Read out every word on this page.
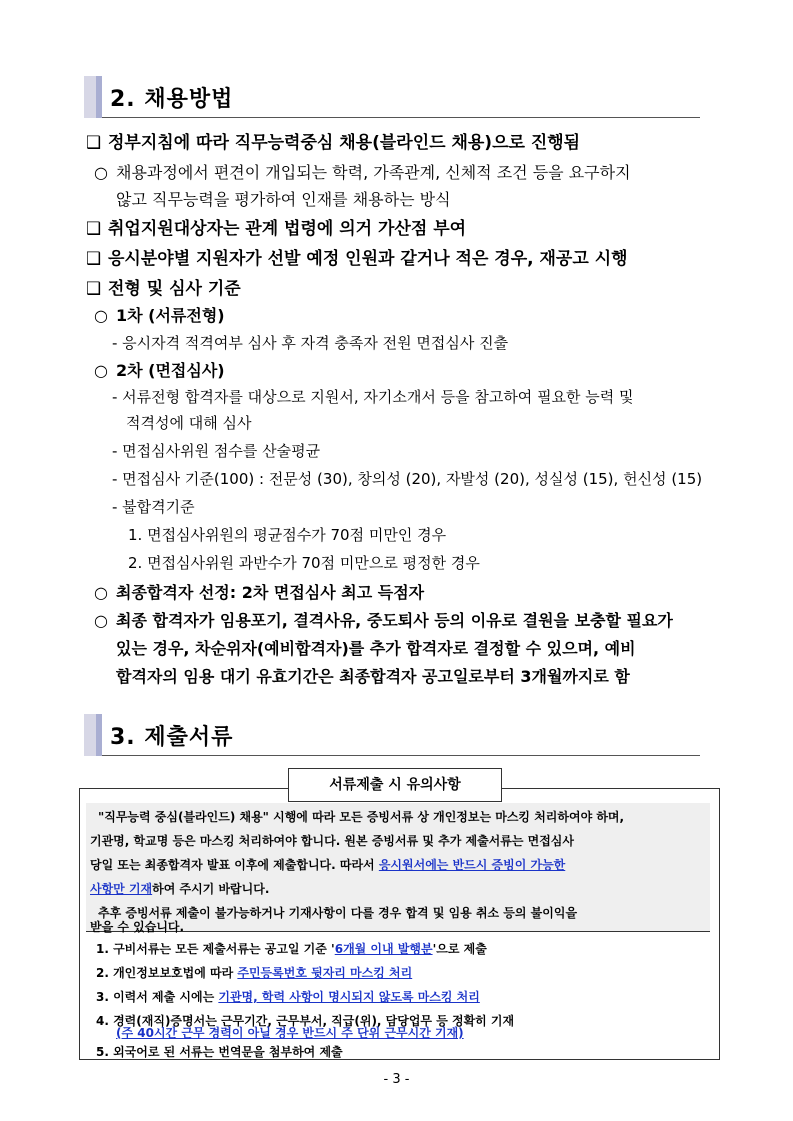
2. 채용방법
❑ 정부지침에 따라 직무능력중심 채용(블라인드 채용)으로 진행됨
○ 채용과정에서 편견이 개입되는 학력, 가족관계, 신체적 조건 등을 요구하지
않고 직무능력을 평가하여 인재를 채용하는 방식
❑ 취업지원대상자는 관계 법령에 의거 가산점 부여
❑ 응시분야별 지원자가 선발 예정 인원과 같거나 적은 경우, 재공고 시행
❑ 전형 및 심사 기준
○ 1차 (서류전형)
- 응시자격 적격여부 심사 후 자격 충족자 전원 면접심사 진출
○ 2차 (면접심사)
- 서류전형 합격자를 대상으로 지원서, 자기소개서 등을 참고하여 필요한 능력 및
적격성에 대해 심사
- 면접심사위원 점수를 산술평균
- 면접심사 기준(100) : 전문성 (30), 창의성 (20), 자발성 (20), 성실성 (15), 헌신성 (15)
- 불합격기준
1. 면접심사위원의 평균점수가 70점 미만인 경우
2. 면접심사위원 과반수가 70점 미만으로 평정한 경우
○ 최종합격자 선정: 2차 면접심사 최고 득점자
○ 최종 합격자가 임용포기, 결격사유, 중도퇴사 등의 이유로 결원을 보충할 필요가
있는 경우, 차순위자(예비합격자)를 추가 합격자로 결정할 수 있으며, 예비
합격자의 임용 대기 유효기간은 최종합격자 공고일로부터 3개월까지로 함
3. 제출서류
서류제출 시 유의사항
"직무능력 중심(블라인드) 채용" 시행에 따라 모든 증빙서류 상 개인정보는 마스킹 처리하여야 하며,
기관명, 학교명 등은 마스킹 처리하여야 합니다. 원본 증빙서류 및 추가 제출서류는 면접심사
당일 또는 최종합격자 발표 이후에 제출합니다. 따라서 응시원서에는 반드시 증빙이 가능한
사항만 기재하여 주시기 바랍니다.
추후 증빙서류 제출이 불가능하거나 기재사항이 다를 경우 합격 및 임용 취소 등의 불이익을
받을 수 있습니다.
1. 구비서류는 모든 제출서류는 공고일 기준 '6개월 이내 발행분'으로 제출
2. 개인정보보호법에 따라 주민등록번호 뒷자리 마스킹 처리
3. 이력서 제출 시에는 기관명, 학력 사항이 명시되지 않도록 마스킹 처리
4. 경력(재직)증명서는 근무기간, 근무부서, 직급(위), 담당업무 등 정확히 기재
(주 40시간 근무 경력이 아닐 경우 반드시 주 단위 근무시간 기재)
5. 외국어로 된 서류는 번역문을 첨부하여 제출
- 3 -
